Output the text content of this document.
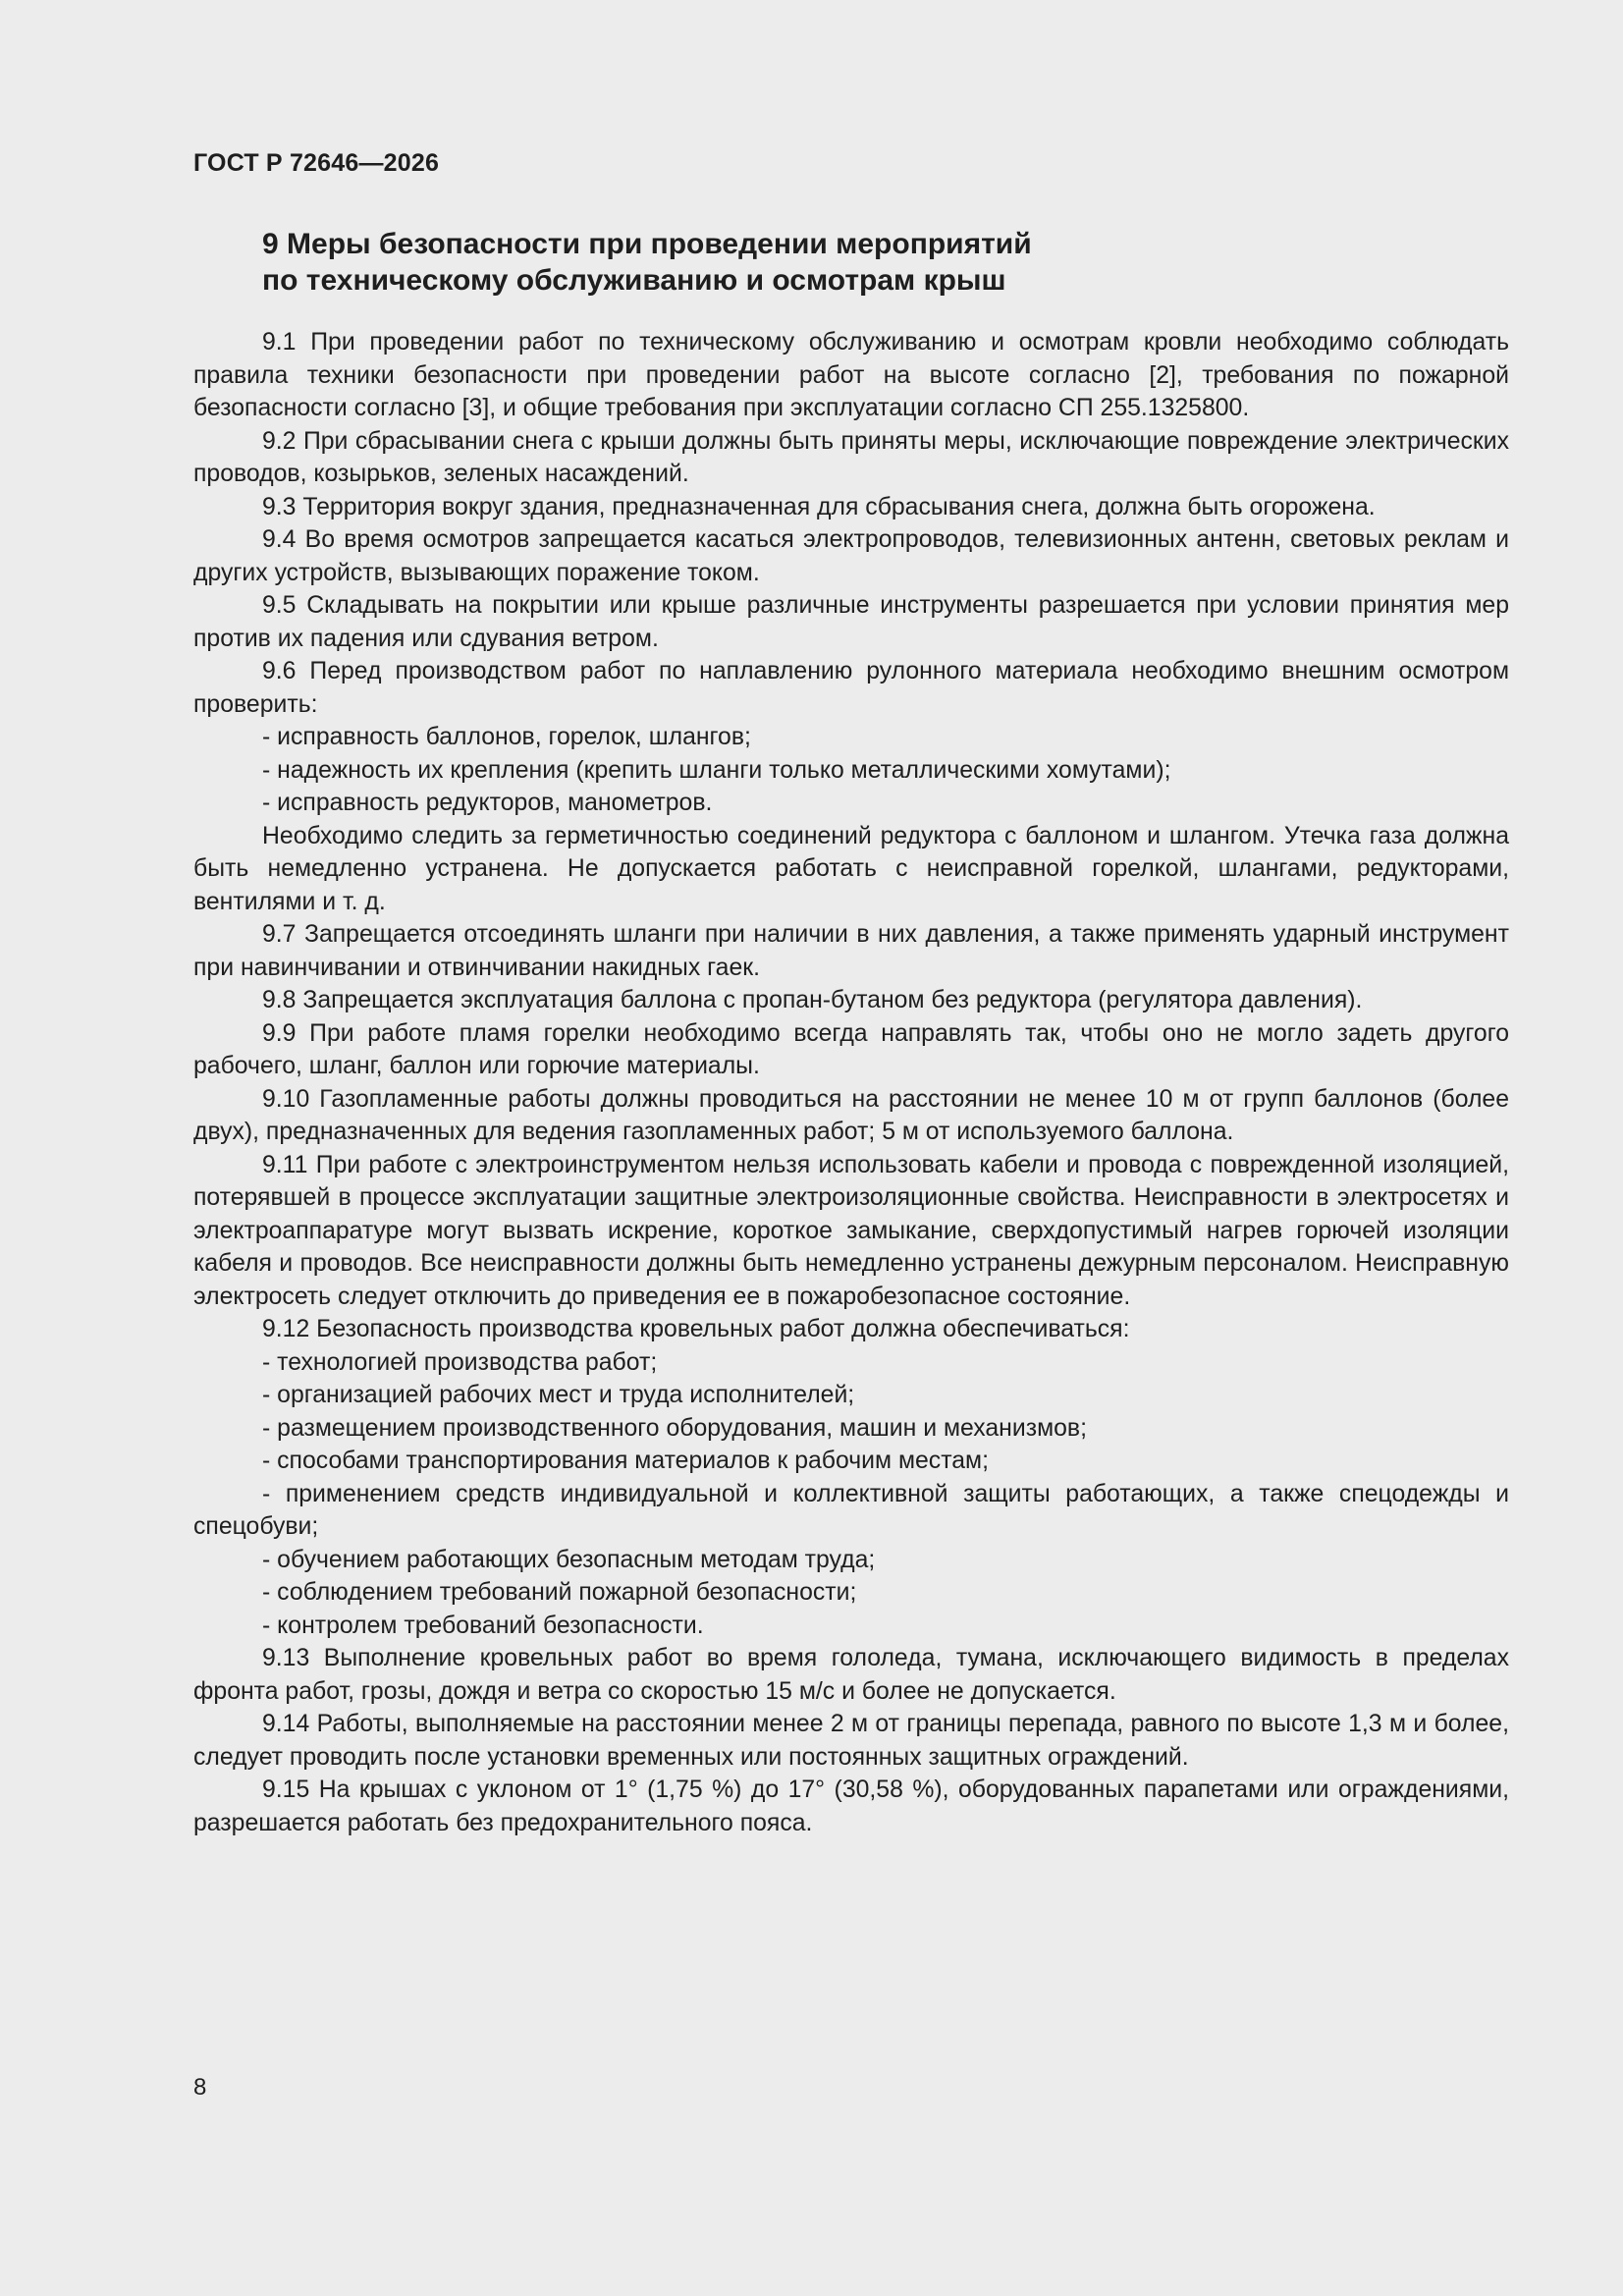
ГОСТ Р 72646—2026
9 Меры безопасности при проведении мероприятий
по техническому обслуживанию и осмотрам крыш

9.1 При проведении работ по техническому обслуживанию и осмотрам кровли необходимо соблюдать правила техники безопасности при проведении работ на высоте согласно [2], требования по пожарной безопасности согласно [3], и общие требования при эксплуатации согласно СП 255.1325800.

9.2 При сбрасывании снега с крыши должны быть приняты меры, исключающие повреждение электрических проводов, козырьков, зеленых насаждений.

9.3 Территория вокруг здания, предназначенная для сбрасывания снега, должна быть огорожена.

9.4 Во время осмотров запрещается касаться электропроводов, телевизионных антенн, световых реклам и других устройств, вызывающих поражение током.

9.5 Складывать на покрытии или крыше различные инструменты разрешается при условии принятия мер против их падения или сдувания ветром.

9.6 Перед производством работ по наплавлению рулонного материала необходимо внешним осмотром проверить:

- исправность баллонов, горелок, шлангов;

- надежность их крепления (крепить шланги только металлическими хомутами);

- исправность редукторов, манометров.

Необходимо следить за герметичностью соединений редуктора с баллоном и шлангом. Утечка газа должна быть немедленно устранена. Не допускается работать с неисправной горелкой, шлангами, редукторами, вентилями и т. д.

9.7 Запрещается отсоединять шланги при наличии в них давления, а также применять ударный инструмент при навинчивании и отвинчивании накидных гаек.

9.8 Запрещается эксплуатация баллона с пропан-бутаном без редуктора (регулятора давления).

9.9 При работе пламя горелки необходимо всегда направлять так, чтобы оно не могло задеть другого рабочего, шланг, баллон или горючие материалы.

9.10 Газопламенные работы должны проводиться на расстоянии не менее 10 м от групп баллонов (более двух), предназначенных для ведения газопламенных работ; 5 м от используемого баллона.

9.11 При работе с электроинструментом нельзя использовать кабели и провода с поврежденной изоляцией, потерявшей в процессе эксплуатации защитные электроизоляционные свойства. Неисправности в электросетях и электроаппаратуре могут вызвать искрение, короткое замыкание, сверхдопустимый нагрев горючей изоляции кабеля и проводов. Все неисправности должны быть немедленно устранены дежурным персоналом. Неисправную электросеть следует отключить до приведения ее в пожаробезопасное состояние.

9.12 Безопасность производства кровельных работ должна обеспечиваться:

- технологией производства работ;

- организацией рабочих мест и труда исполнителей;

- размещением производственного оборудования, машин и механизмов;

- способами транспортирования материалов к рабочим местам;

- применением средств индивидуальной и коллективной защиты работающих, а также спецодежды и спецобуви;

- обучением работающих безопасным методам труда;

- соблюдением требований пожарной безопасности;

- контролем требований безопасности.

9.13 Выполнение кровельных работ во время гололеда, тумана, исключающего видимость в пределах фронта работ, грозы, дождя и ветра со скоростью 15 м/с и более не допускается.

9.14 Работы, выполняемые на расстоянии менее 2 м от границы перепада, равного по высоте 1,3 м и более, следует проводить после установки временных или постоянных защитных ограждений.

9.15 На крышах с уклоном от 1° (1,75 %) до 17° (30,58 %), оборудованных парапетами или ограждениями, разрешается работать без предохранительного пояса.

8
